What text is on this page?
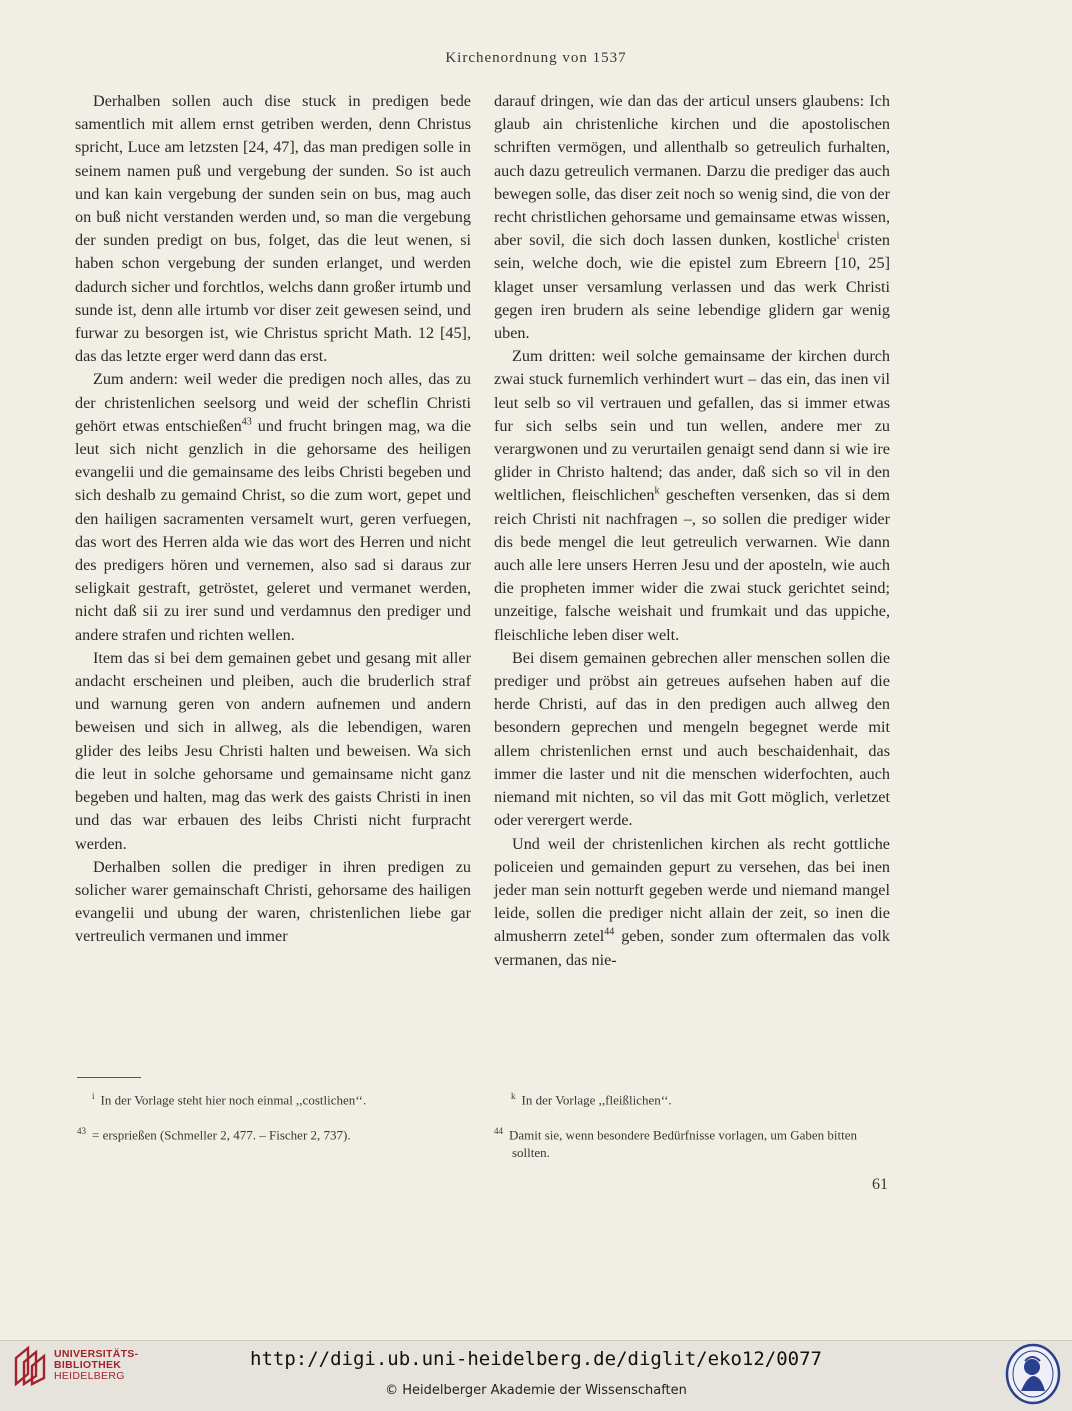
Kirchenordnung von 1537

Derhalben sollen auch dise stuck in predigen bede samentlich mit allem ernst getriben werden, denn Christus spricht, Luce am letzsten [24, 47], das man predigen solle in seinem namen puß und vergebung der sunden. So ist auch und kan kain vergebung der sunden sein on bus, mag auch on buß nicht verstanden werden und, so man die vergebung der sunden predigt on bus, folget, das die leut wenen, si haben schon vergebung der sunden erlanget, und werden dadurch sicher und forchtlos, welchs dann großer irtumb und sunde ist, denn alle irtumb vor diser zeit gewesen seind, und furwar zu besorgen ist, wie Christus spricht Math. 12 [45], das das letzte erger werd dann das erst.

Zum andern: weil weder die predigen noch alles, das zu der christenlichen seelsorg und weid der scheflin Christi gehört etwas entschießen$^{43}$ und frucht bringen mag, wa die leut sich nicht genzlich in die gehorsame des heiligen evangelii und die gemainsame des leibs Christi begeben und sich deshalb zu gemaind Christ, so die zum wort, gepet und den hailigen sacramenten versamelt wurt, geren verfuegen, das wort des Herren alda wie das wort des Herren und nicht des predigers hören und vernemen, also sad si daraus zur seligkait gestraft, getröstet, geleret und vermanet werden, nicht daß sii zu irer sund und verdamnus den prediger und andere strafen und richten wellen.

Item das si bei dem gemainen gebet und gesang mit aller andacht erscheinen und pleiben, auch die bruderlich straf und warnung geren von andern aufnemen und andern beweisen und sich in allweg, als die lebendigen, waren glider des leibs Jesu Christi halten und beweisen. Wa sich die leut in solche gehorsame und gemainsame nicht ganz begeben und halten, mag das werk des gaists Christi in inen und das war erbauen des leibs Christi nicht furpracht werden.

Derhalben sollen die prediger in ihren predigen zu solicher warer gemainschaft Christi, gehorsame des hailigen evangelii und ubung der waren, christenlichen liebe gar vertreulich vermanen und immer

darauf dringen, wie dan das der articul unsers glaubens: Ich glaub ain christenliche kirchen und die apostolischen schriften vermögen, und allenthalb so getreulich furhalten, auch dazu getreulich vermanen. Darzu die prediger das auch bewegen solle, das diser zeit noch so wenig sind, die von der recht christlichen gehorsame und gemainsame etwas wissen, aber sovil, die sich doch lassen dunken, kostliche$^i$ cristen sein, welche doch, wie die epistel zum Ebreern [10, 25] klaget unser versamlung verlassen und das werk Christi gegen iren brudern als seine lebendige glidern gar wenig uben.

Zum dritten: weil solche gemainsame der kirchen durch zwai stuck furnemlich verhindert wurt – das ein, das inen vil leut selb so vil vertrauen und gefallen, das si immer etwas fur sich selbs sein und tun wellen, andere mer zu verargwonen und zu verurtailen genaigt send dann si wie ire glider in Christo haltend; das ander, daß sich so vil in den weltlichen, fleischlichen$^k$ gescheften versenken, das si dem reich Christi nit nachfragen –, so sollen die prediger wider dis bede mengel die leut getreulich verwarnen. Wie dann auch alle lere unsers Herren Jesu und der aposteln, wie auch die propheten immer wider die zwai stuck gerichtet seind; unzeitige, falsche weishait und frumkait und das uppiche, fleischliche leben diser welt.

Bei disem gemainen gebrechen aller menschen sollen die prediger und pröbst ain getreues aufsehen haben auf die herde Christi, auf das in den predigen auch allweg den besondern geprechen und mengeln begegnet werde mit allem christenlichen ernst und auch beschaidenhait, das immer die laster und nit die menschen widerfochten, auch niemand mit nichten, so vil das mit Gott möglich, verletzet oder verergert werde.

Und weil der christenlichen kirchen als recht gottliche policeien und gemainden gepurt zu versehen, das bei inen jeder man sein notturft gegeben werde und niemand mangel leide, sollen die prediger nicht allain der zeit, so inen die almusherrn zetel$^{44}$ geben, sonder zum oftermalen das volk vermanen, das nie-

$^i$ In der Vorlage steht hier noch einmal ,,costlichen‘‘.	$^k$ In der Vorlage ,,fleißlichen‘‘.
$^{43}$ = ersprießen (Schmeller 2, 477. – Fischer 2, 737).	$^{44}$ Damit sie, wenn besondere Bedürfnisse vorlagen, um Gaben bitten sollten.
61
UNIVERSITÄTS-
BIBLIOTHEK
HEIDELBERG
http://digi.ub.uni-heidelberg.de/diglit/eko12/0077
© Heidelberger Akademie der Wissenschaften
